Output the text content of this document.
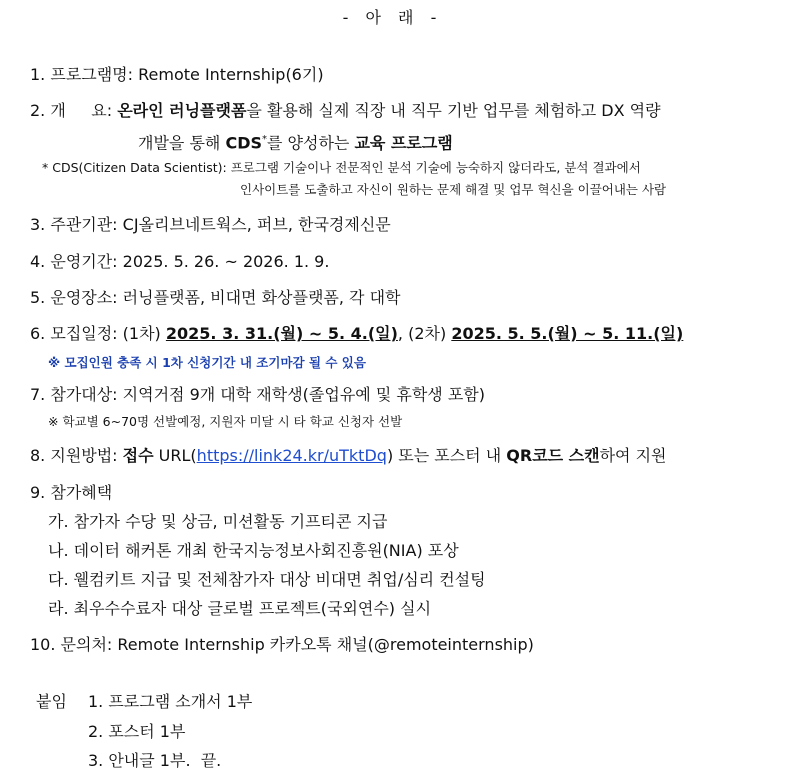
- 아 래 -
1. 프로그램명: Remote Internship(6기)
2. 개     요: 온라인 러닝플랫폼을 활용해 실제 직장 내 직무 기반 업무를 체험하고 DX 역량
개발을 통해 CDS*를 양성하는 교육 프로그램
* CDS(Citizen Data Scientist): 프로그램 기술이나 전문적인 분석 기술에 능숙하지 않더라도, 분석 결과에서
인사이트를 도출하고 자신이 원하는 문제 해결 및 업무 혁신을 이끌어내는 사람
3. 주관기관: CJ올리브네트웍스, 퍼브, 한국경제신문
4. 운영기간: 2025. 5. 26. ~ 2026. 1. 9.
5. 운영장소: 러닝플랫폼, 비대면 화상플랫폼, 각 대학
6. 모집일정: (1차) 2025. 3. 31.(월) ~ 5. 4.(일), (2차) 2025. 5. 5.(월) ~ 5. 11.(일)
※ 모집인원 충족 시 1차 신청기간 내 조기마감 될 수 있음
7. 참가대상: 지역거점 9개 대학 재학생(졸업유예 및 휴학생 포함)
※ 학교별 6~70명 선발예정, 지원자 미달 시 타 학교 신청자 선발
8. 지원방법: 접수 URL(https://link24.kr/uTktDq) 또는 포스터 내 QR코드 스캔하여 지원
9. 참가혜택
가. 참가자 수당 및 상금, 미션활동 기프티콘 지급
나. 데이터 해커톤 개최 한국지능정보사회진흥원(NIA) 포상
다. 웰컴키트 지급 및 전체참가자 대상 비대면 취업/심리 컨설팅
라. 최우수수료자 대상 글로벌 프로젝트(국외연수) 실시
10. 문의처: Remote Internship 카카오톡 채널(@remoteinternship)
붙임 1. 프로그램 소개서 1부
2. 포스터 1부
3. 안내글 1부.  끝.
